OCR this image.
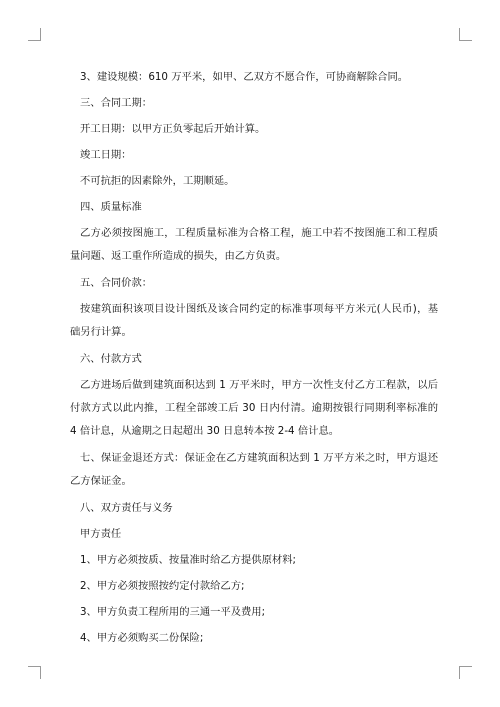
3、建设规模：610 万平米，如甲、乙双方不愿合作，可协商解除合同。

三、合同工期：

开工日期：以甲方正负零起后开始计算。

竣工日期：

不可抗拒的因素除外，工期顺延。

四、质量标准

乙方必须按图施工，工程质量标准为合格工程，施工中若不按图施工和工程质量问题、返工重作所造成的损失，由乙方负责。

五、合同价款：

按建筑面积该项目设计图纸及该合同约定的标准事项每平方米元(人民币)，基础另行计算。

六、付款方式

乙方进场后做到建筑面积达到 1 万平米时，甲方一次性支付乙方工程款，以后付款方式以此内推，工程全部竣工后 30 日内付清。逾期按银行同期利率标准的 4 倍计息，从逾期之日起超出 30 日息转本按 2-4 倍计息。

七、保证金退还方式：保证金在乙方建筑面积达到 1 万平方米之时，甲方退还乙方保证金。

八、双方责任与义务

甲方责任

1、甲方必须按质、按量准时给乙方提供原材料;

2、甲方必须按照按约定付款给乙方;

3、甲方负责工程所用的三通一平及费用;

4、甲方必须购买二份保险;
